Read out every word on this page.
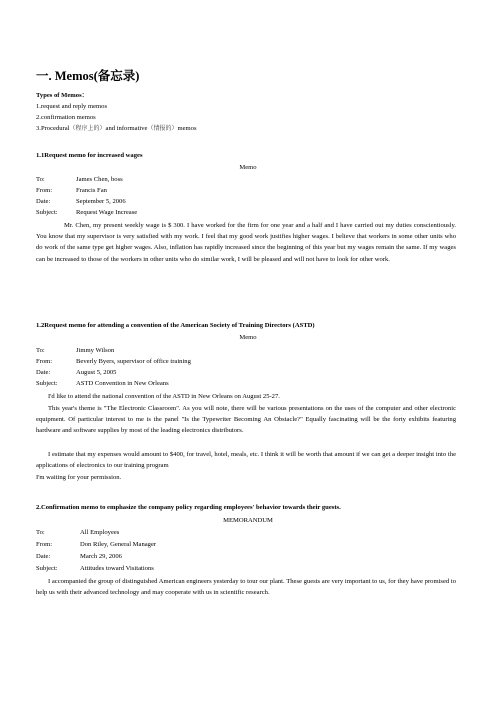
一. Memos(备忘录)
Types of Memos：
1.request and reply memos
2.confirmation memos
3.Procedural（程序上的）and informative（情报的）memos
1.1Request memo for increased wages
Memo
To:	James Chen, boss
From:	Francis Fan
Date:	September 5, 2006
Subject:	Request Wage Increase
Mr. Chen, my present weekly wage is $ 300. I have worked for the firm for one year and a half and I have carried out my duties conscientiously. You know that my supervisor is very satisfied with my work. I feel that my good work justifies higher wages. I believe that workers in some other units who do work of the same type get higher wages. Also, inflation has rapidly increased since the beginning of this year but my wages remain the same. If my wages can be increased to those of the workers in other units who do similar work, I will be pleased and will not have to look for other work.
1.2Request memo for attending a convention of the American Society of Training Directors (ASTD)
Memo
To:	Jimmy Wilson
From:	Beverly Byers, supervisor of office training
Date:	August 5, 2005
Subject:	ASTD Convention in New Orleans
I'd like to attend the national convention of the ASTD in New Orleans on August 25-27.
This year's theme is "The Electronic Classroom". As you will note, there will be various presentations on the uses of the computer and other electronic equipment. Of particular interest to me is the panel "Is the Typewriter Becoming An Obstacle?" Equally fascinating will be the forty exhibits featuring hardware and software supplies by most of the leading electronics distributors.
I estimate that my expenses would amount to $400, for travel, hotel, meals, etc. I think it will be worth that amount if we can get a deeper insight into the applications of electronics to our training program
I'm waiting for your permission.
2.Confirmation memo to emphasize the company policy regarding employees' behavior towards their guests.
MEMORANDUM
To:	All Employees
From:	Don Riley, General Manager
Date:	March 29, 2006
Subject:	Attitudes toward Visitations
I accompanied the group of distinguished American engineers yesterday to tour our plant. These guests are very important to us, for they have promised to help us with their advanced technology and may cooperate with us in scientific research.
